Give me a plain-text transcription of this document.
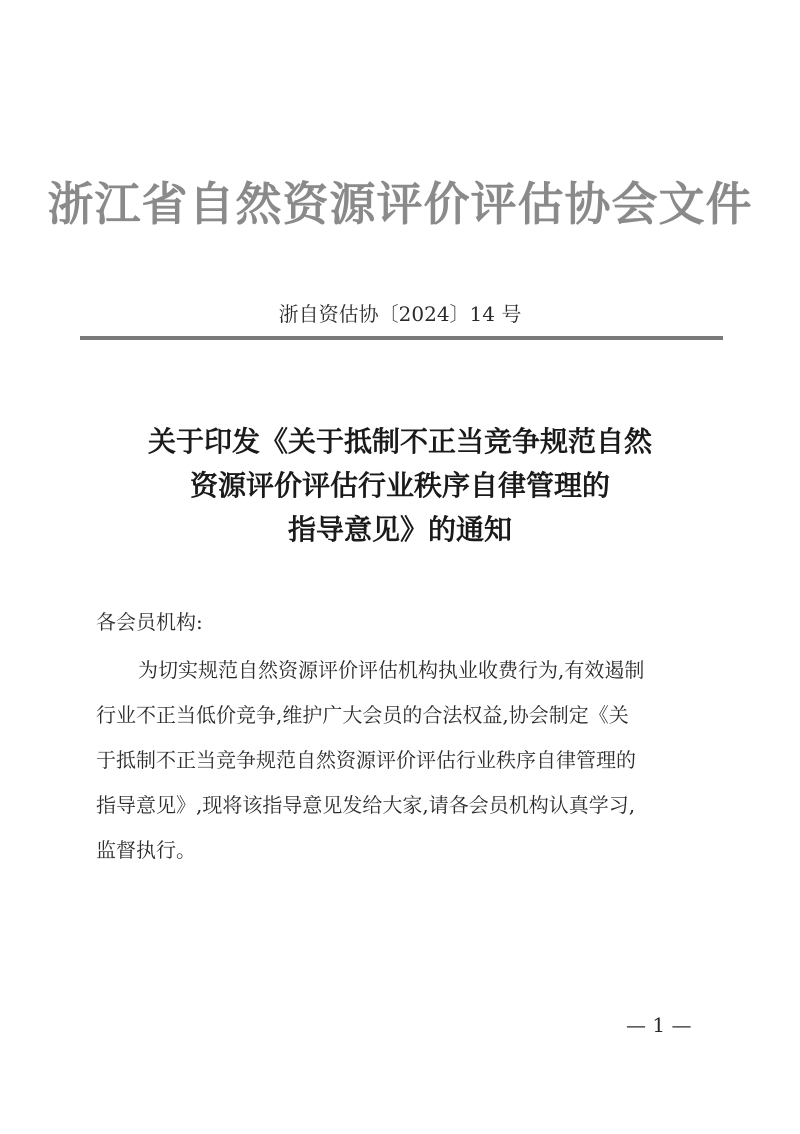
浙江省自然资源评价评估协会文件
浙自资估协〔2024〕14 号
关于印发《关于抵制不正当竞争规范自然
资源评价评估行业秩序自律管理的
指导意见》的通知
各会员机构:
为切实规范自然资源评价评估机构执业收费行为,有效遏制
行业不正当低价竞争,维护广大会员的合法权益,协会制定《关
于抵制不正当竞争规范自然资源评价评估行业秩序自律管理的
指导意见》,现将该指导意见发给大家,请各会员机构认真学习,
监督执行。
— 1 —
